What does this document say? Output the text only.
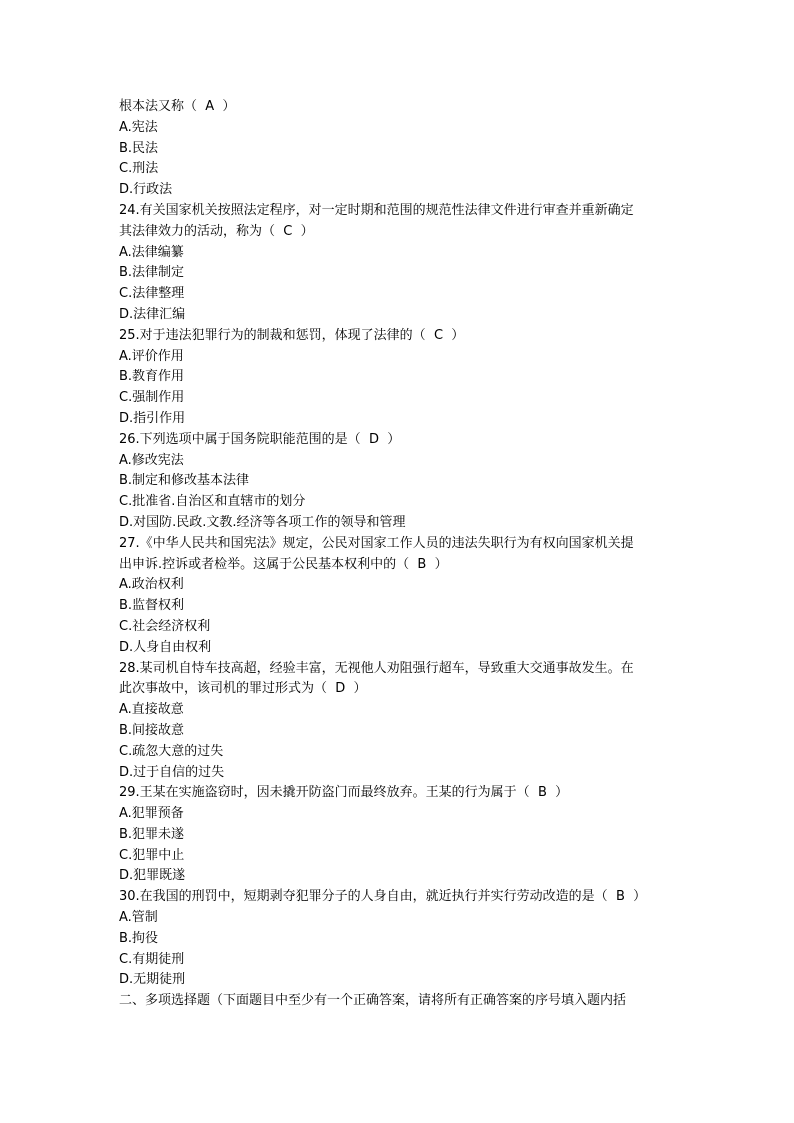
根本法又称（  A  ）
A.宪法
B.民法
C.刑法
D.行政法
24.有关国家机关按照法定程序，对一定时期和范围的规范性法律文件进行审查并重新确定
其法律效力的活动，称为（  C  ）
A.法律编纂
B.法律制定
C.法律整理
D.法律汇编
25.对于违法犯罪行为的制裁和惩罚，体现了法律的（  C  ）
A.评价作用
B.教育作用
C.强制作用
D.指引作用
26.下列选项中属于国务院职能范围的是（  D  ）
A.修改宪法
B.制定和修改基本法律
C.批准省.自治区和直辖市的划分
D.对国防.民政.文教.经济等各项工作的领导和管理
27.《中华人民共和国宪法》规定，公民对国家工作人员的违法失职行为有权向国家机关提
出申诉.控诉或者检举。这属于公民基本权利中的（  B  ）
A.政治权利
B.监督权利
C.社会经济权利
D.人身自由权利
28.某司机自恃车技高超，经验丰富，无视他人劝阻强行超车，导致重大交通事故发生。在
此次事故中，该司机的罪过形式为（  D  ）
A.直接故意
B.间接故意
C.疏忽大意的过失
D.过于自信的过失
29.王某在实施盗窃时，因未撬开防盗门而最终放弃。王某的行为属于（  B  ）
A.犯罪预备
B.犯罪未遂
C.犯罪中止
D.犯罪既遂
30.在我国的刑罚中，短期剥夺犯罪分子的人身自由，就近执行并实行劳动改造的是（  B  ）
A.管制
B.拘役
C.有期徒刑
D.无期徒刑
二、多项选择题（下面题目中至少有一个正确答案，请将所有正确答案的序号填入题内括
